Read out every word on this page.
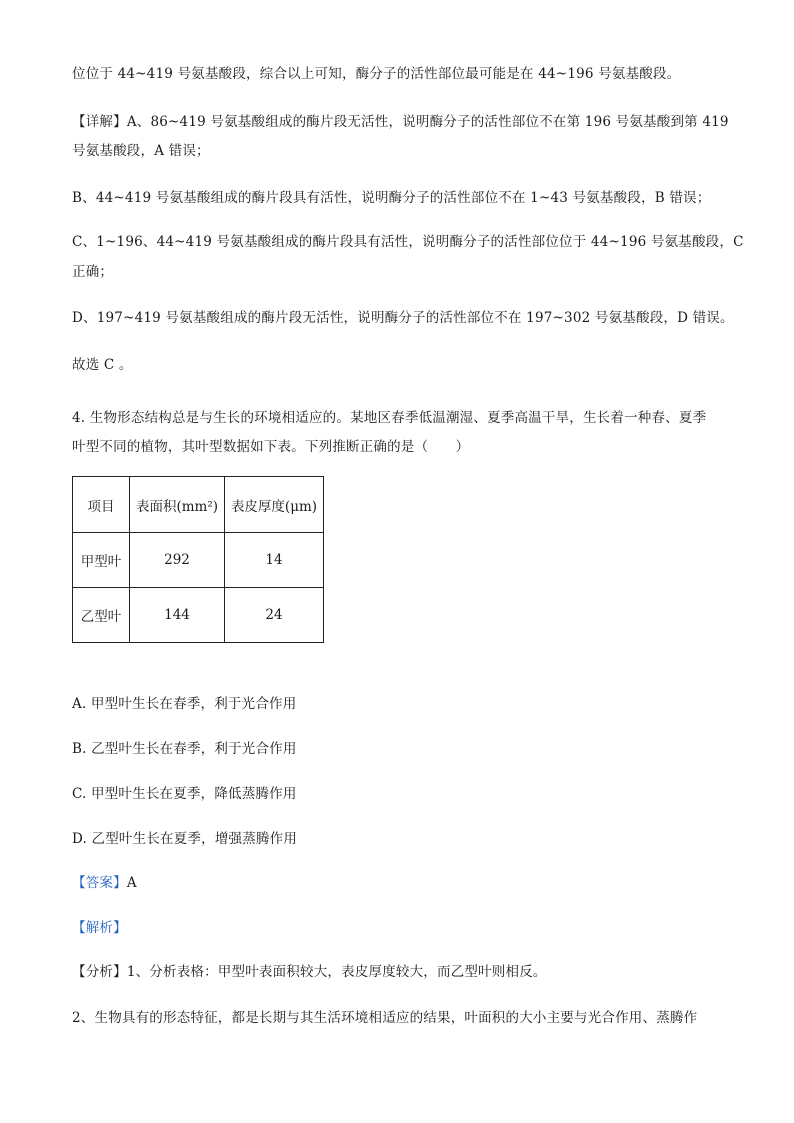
位位于 44~419 号氨基酸段，综合以上可知，酶分子的活性部位最可能是在 44~196 号氨基酸段。
【详解】A、86~419 号氨基酸组成的酶片段无活性，说明酶分子的活性部位不在第 196 号氨基酸到第 419
号氨基酸段，A 错误；
B、44~419 号氨基酸组成的酶片段具有活性，说明酶分子的活性部位不在 1~43 号氨基酸段，B 错误；
C、1~196、44~419 号氨基酸组成的酶片段具有活性，说明酶分子的活性部位位于 44~196 号氨基酸段，C
正确；
D、197~419 号氨基酸组成的酶片段无活性，说明酶分子的活性部位不在 197~302 号氨基酸段，D 错误。
故选 C 。
4. 生物形态结构总是与生长的环境相适应的。某地区春季低温潮湿、夏季高温干旱，生长着一种春、夏季
叶型不同的植物，其叶型数据如下表。下列推断正确的是（　　）
项目	表面积(mm²)	表皮厚度(μm)
甲型叶	292	14
乙型叶	144	24
A. 甲型叶生长在春季，利于光合作用
B. 乙型叶生长在春季，利于光合作用
C. 甲型叶生长在夏季，降低蒸腾作用
D. 乙型叶生长在夏季，增强蒸腾作用
【答案】A
【解析】
【分析】1、分析表格：甲型叶表面积较大，表皮厚度较大，而乙型叶则相反。
2、生物具有的形态特征，都是长期与其生活环境相适应的结果，叶面积的大小主要与光合作用、蒸腾作
